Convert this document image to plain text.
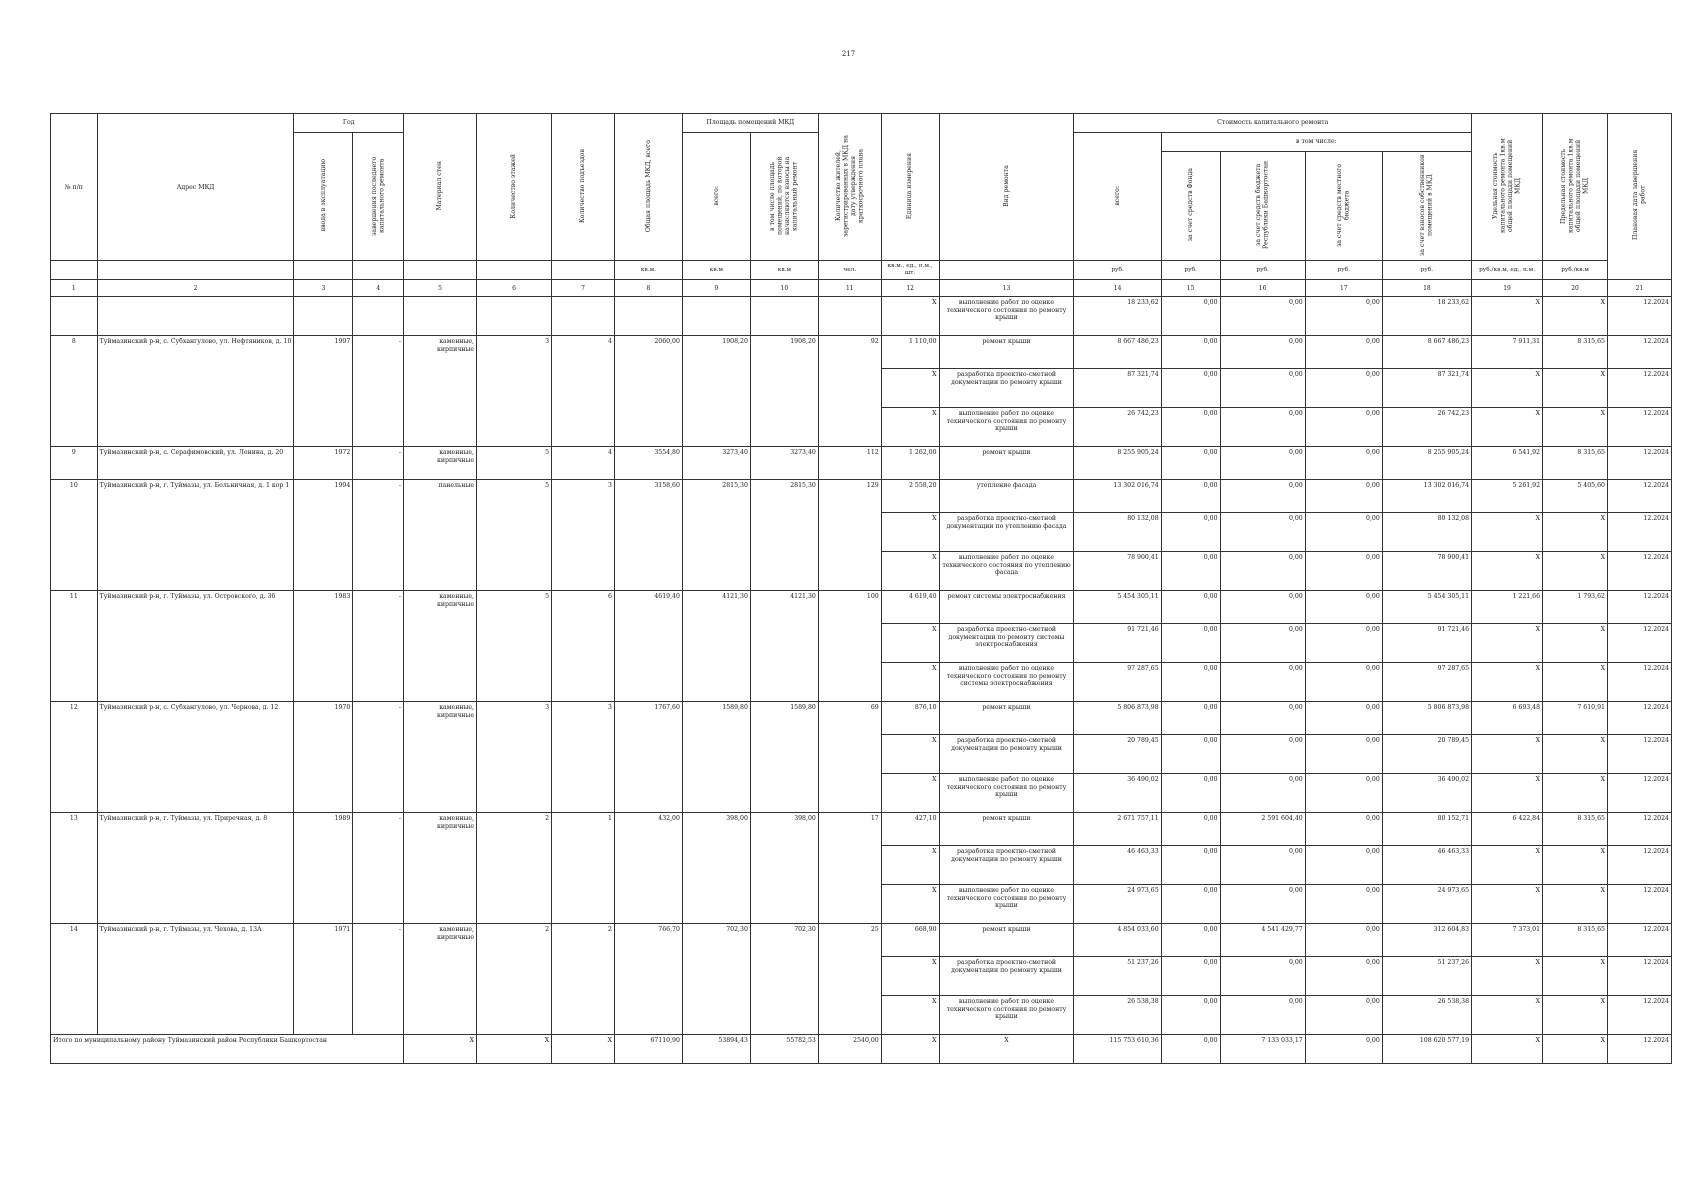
217
№ п/п	Адрес МКД	Год		Материал стен	Количество этажей	Количество подъездов	Общая площадь МКД, всего	Площадь помещений МКД		Количество жителей, зарегистрированных в МКД на дату утверждения краткосрочного плана	Единица измерения	Вид ремонта	Стоимость капитального ремонта					Удельная стоимость капитального ремонта 1кв.м общей площади помещений МКД	Предельная стоимость капитального ремонта 1кв.м общей площади помещений МКД	Плановая дата завершения работ
		ввода в эксплуатацию	завершения последнего капитального ремонта					всего:	в том числе площадь помещений, по которой начисляются взносы на капитальный ремонт				всего:	в том числе:						
														за счет средств Фонда	за счет средств бюджета Республики Башкортостан	за счет средств местного бюджета	за счет взносов собственников помещений в МКД			
							кв.м.	кв.м	кв.м	чел.	кв.м., ед., п.м., шт.		руб.	руб.	руб.	руб.	руб.	руб./кв.м, ед., п.м.	руб./кв.м	
1	2	3	4	5	6	7	8	9	10	11	12	13	14	15	16	17	18	19	20	21
											X	выполнение работ по оценке технического состояния по ремонту крыши	18 233,62	0,00	0,00	0,00	18 233,62	X	X	12.2024
8	Туймазинский р-н, с. Субхангулово, ул. Нефтяников, д. 10	1997	-	каменные, кирпичные	3	4	2060,00	1908,20	1908,20	92	1 110,00	ремонт крыши	8 667 486,23	0,00	0,00	0,00	8 667 486,23	7 911,31	8 315,65	12.2024
											X	разработка проектно-сметной документации по ремонту крыши	87 321,74	0,00	0,00	0,00	87 321,74	X	X	12.2024
											X	выполнение работ по оценке технического состояния по ремонту крыши	26 742,23	0,00	0,00	0,00	26 742,23	X	X	12.2024
9	Туймазинский р-н, с. Серафимовский, ул. Ленина, д. 20	1972	-	каменные, кирпичные	5	4	3554,80	3273,40	3273,40	112	1 262,00	ремонт крыши	8 255 905,24	0,00	0,00	0,00	8 255 905,24	6 541,92	8 315,65	12.2024
10	Туймазинский р-н, г. Туймазы, ул. Больничная, д. 1 кор 1	1994	-	панельные	5	3	3158,60	2815,30	2815,30	129	2 558,20	утепление фасада	13 302 016,74	0,00	0,00	0,00	13 302 016,74	5 261,92	5 405,60	12.2024
											X	разработка проектно-сметной документации по утеплению фасада	80 132,08	0,00	0,00	0,00	80 132,08	X	X	12.2024
											X	выполнение работ по оценке технического состояния по утеплению фасада	78 900,41	0,00	0,00	0,00	78 900,41	X	X	12.2024
11	Туймазинский р-н, г. Туймазы, ул. Островского, д. 36	1983	-	каменные, кирпичные	5	6	4619,40	4121,30	4121,30	100	4 619,40	ремонт системы электроснабжения	5 454 305,11	0,00	0,00	0,00	5 454 305,11	1 221,66	1 793,62	12.2024
											X	разработка проектно-сметной документации по ремонту системы электроснабжения	91 721,46	0,00	0,00	0,00	91 721,46	X	X	12.2024
											X	выполнение работ по оценке технического состояния по ремонту системы электроснабжения	97 287,65	0,00	0,00	0,00	97 287,65	X	X	12.2024
12	Туймазинский р-н, с. Субхангулово, ул. Чернова, д. 12	1970	-	каменные, кирпичные	3	3	1767,60	1589,80	1589,80	69	876,10	ремонт крыши	5 806 873,98	0,00	0,00	0,00	5 806 873,98	6 693,48	7 610,91	12.2024
											X	разработка проектно-сметной документации по ремонту крыши	20 789,45	0,00	0,00	0,00	20 789,45	X	X	12.2024
											X	выполнение работ по оценке технического состояния по ремонту крыши	36 490,02	0,00	0,00	0,00	36 490,02	X	X	12.2024
13	Туймазинский р-н, г. Туймазы, ул. Приречная, д. 8	1989	-	каменные, кирпичные	2	1	432,00	398,00	398,00	17	427,10	ремонт крыши	2 671 757,11	0,00	2 591 604,40	0,00	80 152,71	6 422,84	8 315,65	12.2024
											X	разработка проектно-сметной документации по ремонту крыши	46 463,33	0,00	0,00	0,00	46 463,33	X	X	12.2024
											X	выполнение работ по оценке технического состояния по ремонту крыши	24 973,65	0,00	0,00	0,00	24 973,65	X	X	12.2024
14	Туймазинский р-н, г. Туймазы, ул. Чехова, д. 13А	1971	-	каменные, кирпичные	2	2	766,70	702,30	702,30	25	668,90	ремонт крыши	4 854 033,60	0,00	4 541 429,77	0,00	312 604,83	7 373,01	8 315,65	12.2024
											X	разработка проектно-сметной документации по ремонту крыши	51 237,26	0,00	0,00	0,00	51 237,26	X	X	12.2024
											X	выполнение работ по оценке технического состояния по ремонту крыши	26 538,38	0,00	0,00	0,00	26 538,38	X	X	12.2024
Итого по муниципальному району Туймазинский район Республики Башкортостан				X	X	X	67110,90	53894,43	55782,53	2540,00	X	X	115 753 610,36	0,00	7 133 033,17	0,00	108 620 577,19	X	X	12.2024
